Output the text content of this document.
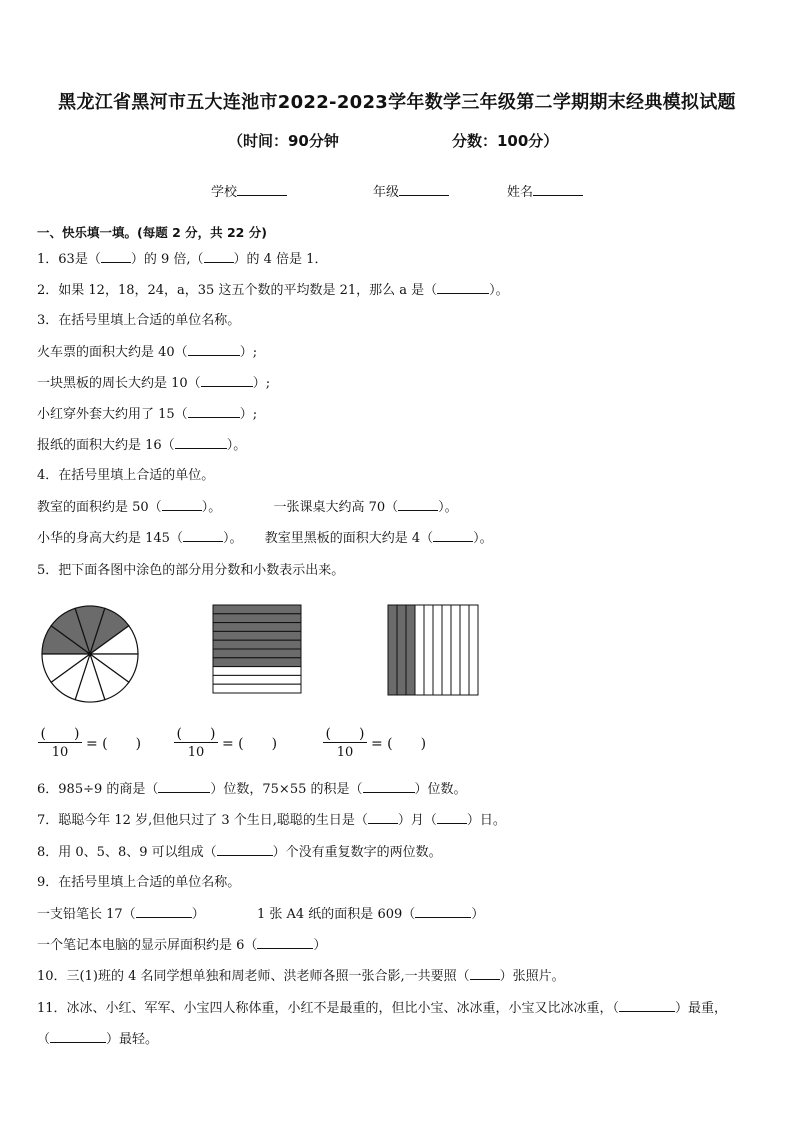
黑龙江省黑河市五大连池市2022-2023学年数学三年级第二学期期末经典模拟试题
（时间：90分钟	分数：100分）
学校	年级	姓名
一、快乐填一填。(每题 2 分，共 22 分)
1．63是（ ）的 9 倍,（ ）的 4 倍是 1．
2．如果 12，18，24，a，35 这五个数的平均数是 21，那么 a 是（	）。
3．在括号里填上合适的单位名称。
火车票的面积大约是 40（	）;
一块黑板的周长大约是 10（	）;
小红穿外套大约用了 15（	）;
报纸的面积大约是 16（	）。
4．在括号里填上合适的单位。
教室的面积约是 50（	）。	一张课桌大约高 70（	）。
小华的身高大约是 145（	）。 教室里黑板的面积大约是 4（	）。
5．把下面各图中涂色的部分用分数和小数表示出来。
(　　)
10
= (　　)
(　　)
10
= (　　)
(　　)
10
= (　　)
6．985÷9 的商是（	）位数，75×55 的积是（	）位数。
7．聪聪今年 12 岁,但他只过了 3 个生日,聪聪的生日是（ ）月（ ）日。
8．用 0、5、8、9 可以组成（	）个没有重复数字的两位数。
9．在括号里填上合适的单位名称。
一支铅笔长 17（	）	1 张 A4 纸的面积是 609（	）
一个笔记本电脑的显示屏面积约是 6（	）
10．三(1)班的 4 名同学想单独和周老师、洪老师各照一张合影,一共要照（ ）张照片。
11．冰冰、小红、军军、小宝四人称体重，小红不是最重的，但比小宝、冰冰重，小宝又比冰冰重，（	）最重，
（	）最轻。
